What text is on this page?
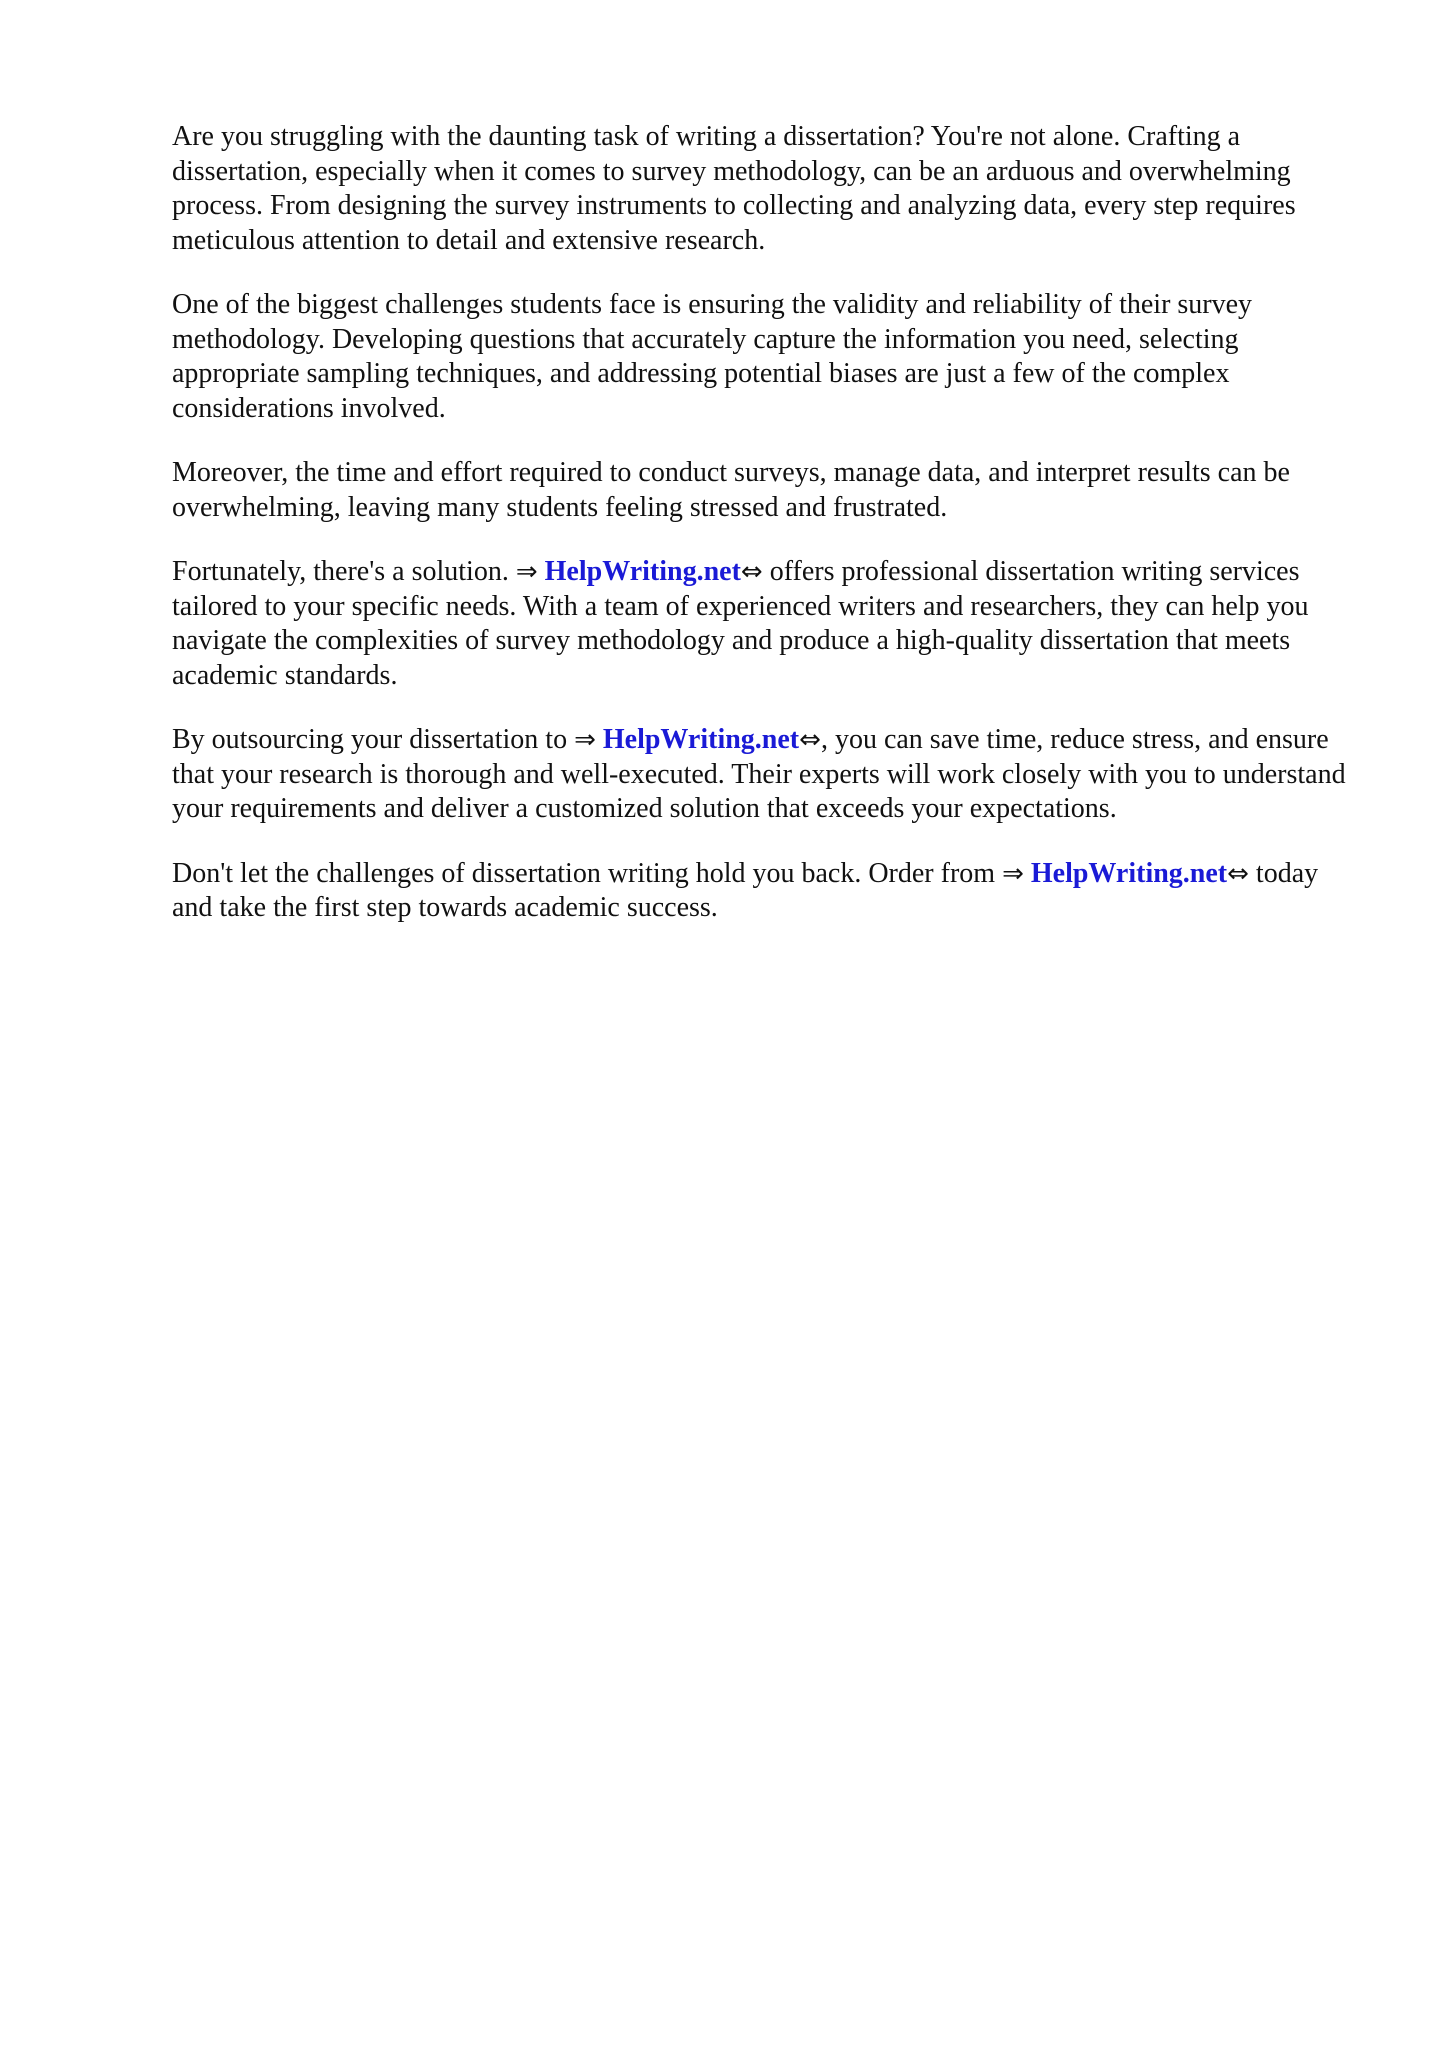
Are you struggling with the daunting task of writing a dissertation? You're not alone. Crafting a dissertation, especially when it comes to survey methodology, can be an arduous and overwhelming process. From designing the survey instruments to collecting and analyzing data, every step requires meticulous attention to detail and extensive research.

One of the biggest challenges students face is ensuring the validity and reliability of their survey methodology. Developing questions that accurately capture the information you need, selecting appropriate sampling techniques, and addressing potential biases are just a few of the complex considerations involved.

Moreover, the time and effort required to conduct surveys, manage data, and interpret results can be overwhelming, leaving many students feeling stressed and frustrated.

Fortunately, there's a solution. ⇒ HelpWriting.net⇔ offers professional dissertation writing services tailored to your specific needs. With a team of experienced writers and researchers, they can help you navigate the complexities of survey methodology and produce a high-quality dissertation that meets academic standards.

By outsourcing your dissertation to ⇒ HelpWriting.net⇔, you can save time, reduce stress, and ensure that your research is thorough and well-executed. Their experts will work closely with you to understand your requirements and deliver a customized solution that exceeds your expectations.

Don't let the challenges of dissertation writing hold you back. Order from ⇒ HelpWriting.net⇔ today and take the first step towards academic success.
